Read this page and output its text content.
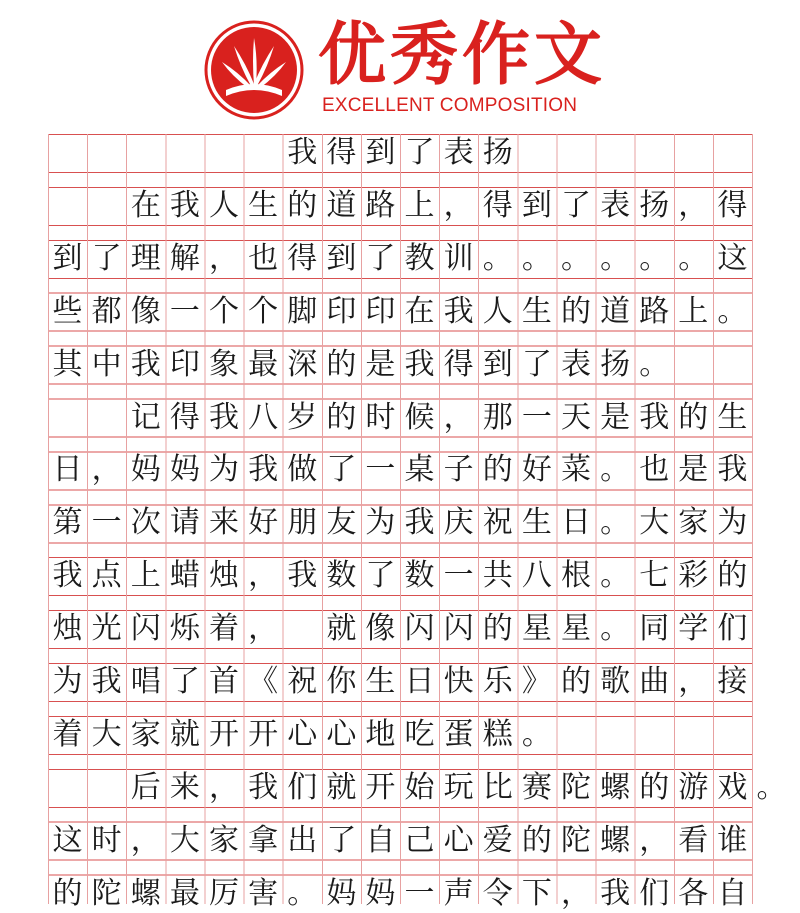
优秀作文
EXCELLENT COMPOSITION
我 得 到 了 表 扬
在 我 人 生 的 道 路 上 ， 得 到 了 表 扬 ， 得
到 了 理 解 ， 也 得 到 了 教 训 。 。 。 。 。 。 这
些 都 像 一 个 个 脚 印 印 在 我 人 生 的 道 路 上 。
其 中 我 印 象 最 深 的 是 我 得 到 了 表 扬 。
记 得 我 八 岁 的 时 候 ， 那 一 天 是 我 的 生
日 ， 妈 妈 为 我 做 了 一 桌 子 的 好 菜 。 也 是 我
第 一 次 请 来 好 朋 友 为 我 庆 祝 生 日 。 大 家 为
我 点 上 蜡 烛 ， 我 数 了 数 一 共 八 根 。 七 彩 的
烛 光 闪 烁 着 ， 就 像 闪 闪 的 星 星 。 同 学 们
为 我 唱 了 首 《 祝 你 生 日 快 乐 》 的 歌 曲 ， 接
着 大 家 就 开 开 心 心 地 吃 蛋 糕 。
后 来 ， 我 们 就 开 始 玩 比 赛 陀 螺 的 游 戏 。
这 时 ， 大 家 拿 出 了 自 己 心 爱 的 陀 螺 ， 看 谁
的 陀 螺 最 厉 害 。 妈 妈 一 声 令 下 ， 我 们 各 自
